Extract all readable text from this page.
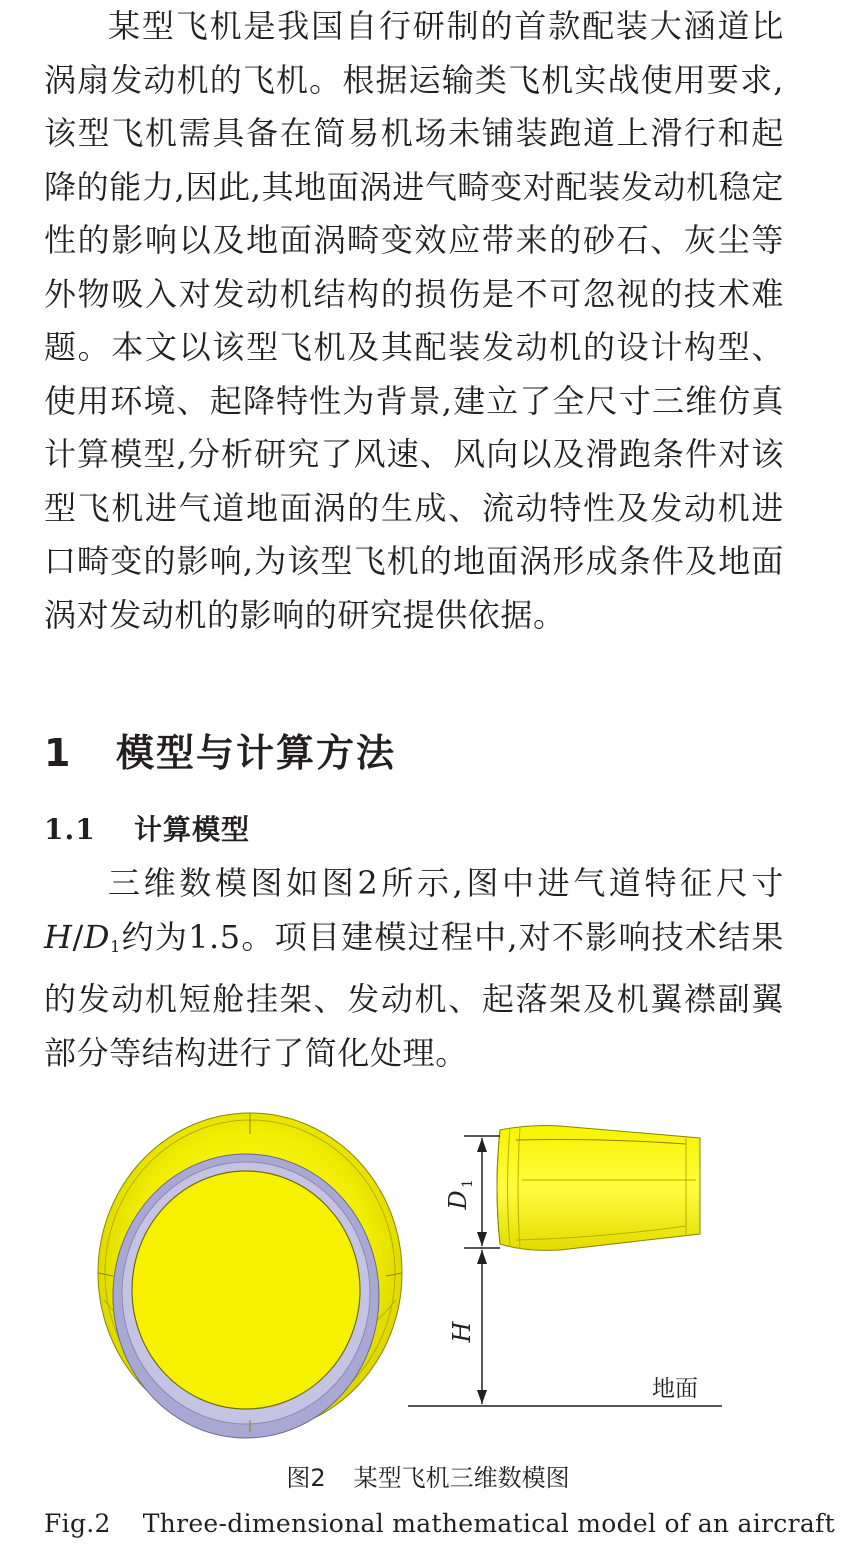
某型飞机是我国自行研制的首款配装大涵道比涡扇发动机的飞机。根据运输类飞机实战使用要求,该型飞机需具备在简易机场未铺装跑道上滑行和起降的能力,因此,其地面涡进气畸变对配装发动机稳定性的影响以及地面涡畸变效应带来的砂石、灰尘等外物吸入对发动机结构的损伤是不可忽视的技术难题。本文以该型飞机及其配装发动机的设计构型、使用环境、起降特性为背景,建立了全尺寸三维仿真计算模型,分析研究了风速、风向以及滑跑条件对该型飞机进气道地面涡的生成、流动特性及发动机进口畸变的影响,为该型飞机的地面涡形成条件及地面涡对发动机的影响的研究提供依据。

1 模型与计算方法
1.1 计算模型

三维数模图如图2所示,图中进气道特征尺寸$H/D_1$约为1.5。项目建模过程中,对不影响技术结果的发动机短舱挂架、发动机、起落架及机翼襟副翼部分等结构进行了简化处理。

D
1
H
地面

图2 某型飞机三维数模图

Fig.2 Three-dimensional mathematical model of an aircraft
